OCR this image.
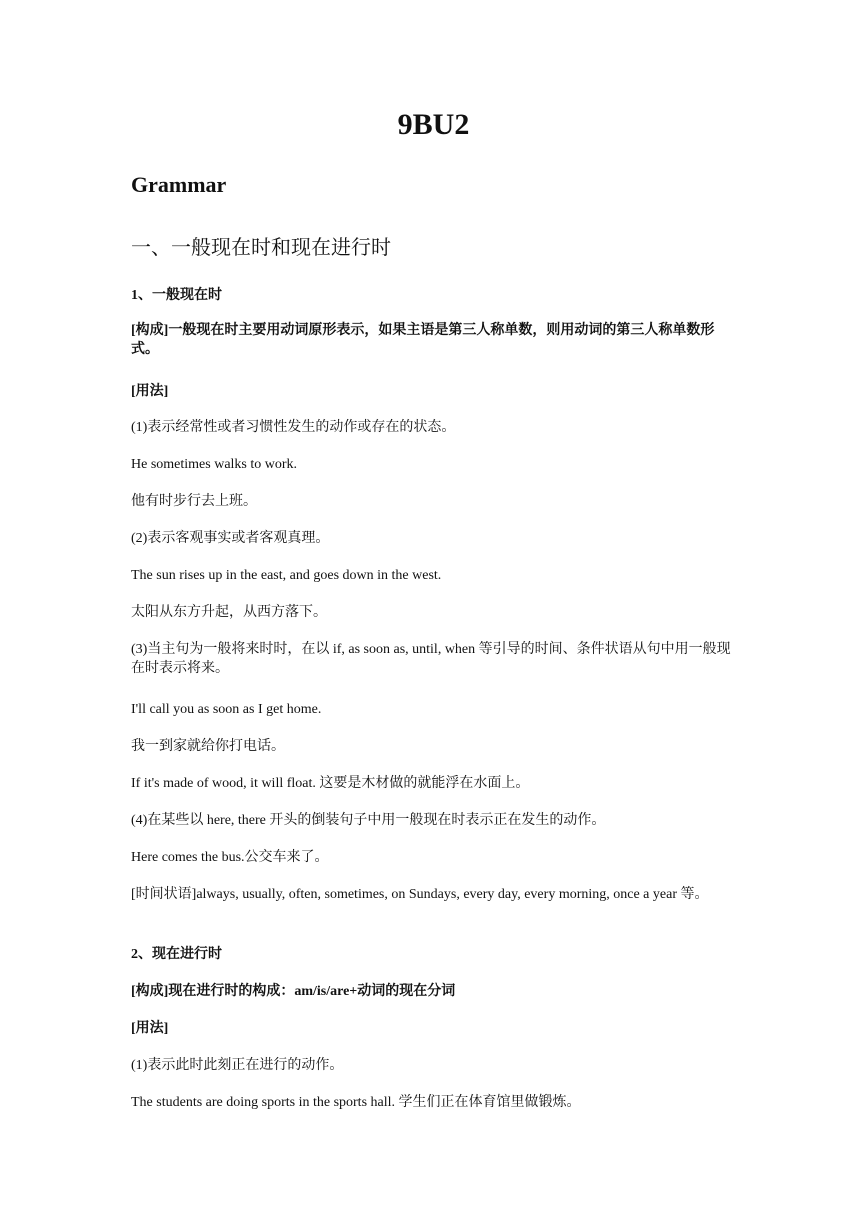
9BU2
Grammar
一、一般现在时和现在进行时

1、一般现在时

[构成]一般现在时主要用动词原形表示，如果主语是第三人称单数，则用动词的第三人称单数形式。

[用法]

(1)表示经常性或者习惯性发生的动作或存在的状态。

He sometimes walks to work.

他有时步行去上班。

(2)表示客观事实或者客观真理。

The sun rises up in the east, and goes down in the west.

太阳从东方升起，从西方落下。

(3)当主句为一般将来时时，在以 if, as soon as, until, when 等引导的时间、条件状语从句中用一般现在时表示将来。

I'll call you as soon as I get home.

我一到家就给你打电话。

If it's made of wood, it will float. 这要是木材做的就能浮在水面上。

(4)在某些以 here, there 开头的倒装句子中用一般现在时表示正在发生的动作。

Here comes the bus.公交车来了。

[时间状语]always, usually, often, sometimes, on Sundays, every day, every morning, once a year 等。

2、现在进行时

[构成]现在进行时的构成：am/is/are+动词的现在分词

[用法]

(1)表示此时此刻正在进行的动作。

The students are doing sports in the sports hall. 学生们正在体育馆里做锻炼。
